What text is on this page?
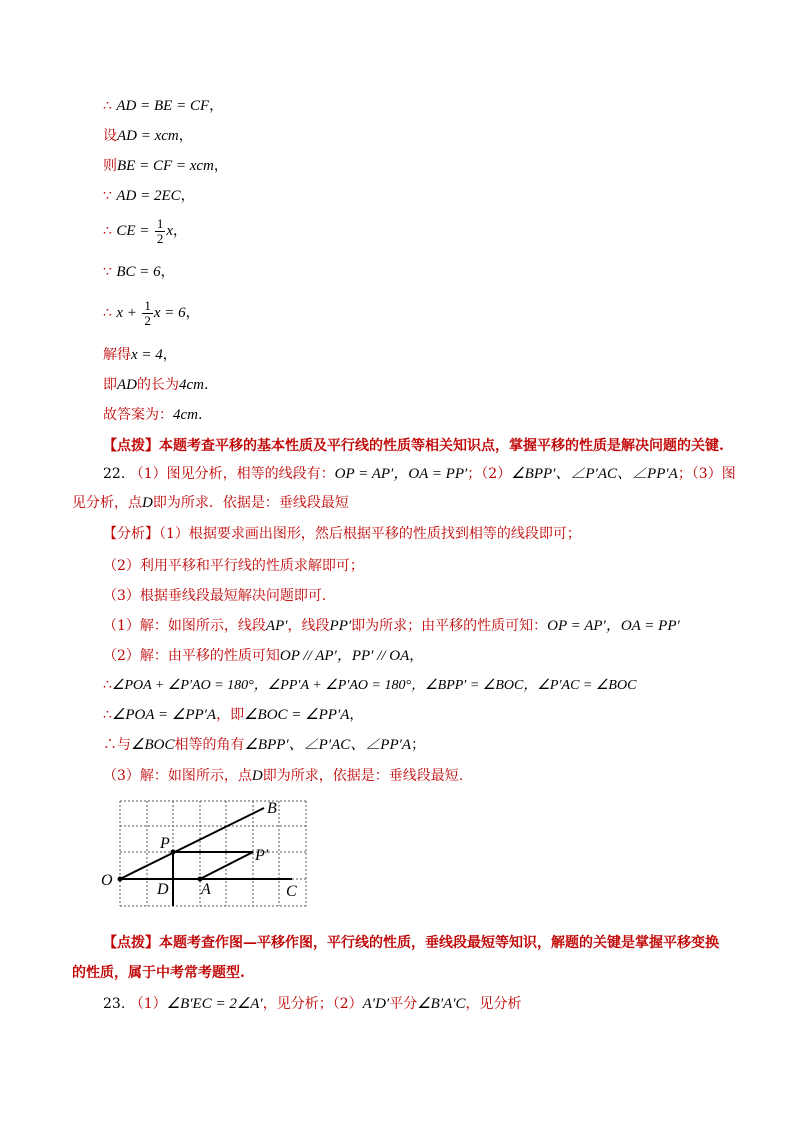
∴ AD = BE = CF，
设AD = xcm，
则BE = CF = xcm，
∵ AD = 2EC，
∴ CE = $\frac{1}{2}$ x，
∵ BC = 6，
∴ $x + \frac{1}{2}$ x = 6，
解得x = 4，
即AD的长为4cm.
故答案为：4cm.
【点拨】本题考查平移的基本性质及平行线的性质等相关知识点，掌握平移的性质是解决问题的关键.
22. （1）图见分析，相等的线段有：OP = AP′，OA = PP′；（2）∠BPP′、∠P′AC、∠PP′A；（3）图
见分析，点D即为所求．依据是：垂线段最短
【分析】（1）根据要求画出图形，然后根据平移的性质找到相等的线段即可；
（2）利用平移和平行线的性质求解即可；
（3）根据垂线段最短解决问题即可.
（1）解：如图所示，线段AP′，线段PP′即为所求；由平移的性质可知：OP = AP′，OA = PP′
（2）解：由平移的性质可知OP // AP′，PP′ // OA，
∴∠POA + ∠P′AO = 180°，∠PP′A + ∠P′AO = 180°，∠BPP′ = ∠BOC，∠P′AC = ∠BOC
∴∠POA = ∠PP′A，即∠BOC = ∠PP′A，
∴与∠BOC相等的角有∠BPP′、∠P′AC、∠PP′A；
（3）解：如图所示，点D即为所求，依据是：垂线段最短.
B
P
P′
O
D A	C
【点拨】本题考查作图—平移作图，平行线的性质，垂线段最短等知识，解题的关键是掌握平移变换
的性质，属于中考常考题型.
23. （1）∠B′EC = 2∠A′，见分析；（2）A′D′平分∠B′A′C，见分析
